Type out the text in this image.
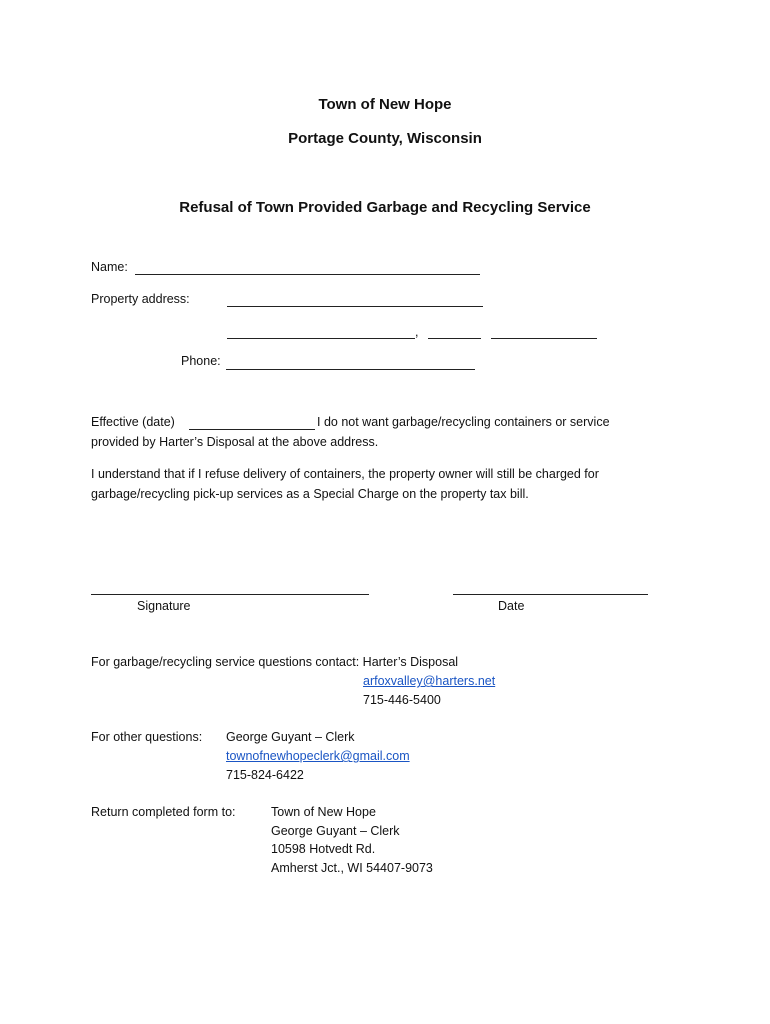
Town of New Hope
Portage County, Wisconsin
Refusal of Town Provided Garbage and Recycling Service
Name:
Property address:
,
Phone:
Effective (date)	I do not want garbage/recycling containers or service
provided by Harter’s Disposal at the above address.
I understand that if I refuse delivery of containers, the property owner will still be charged for garbage/recycling pick-up services as a Special Charge on the property tax bill.
Signature	Date
For garbage/recycling service questions contact: Harter’s Disposal
arfoxvalley@harters.net
715-446-5400
For other questions: George Guyant – Clerk
townofnewhopeclerk@gmail.com
715-824-6422
Return completed form to:	Town of New Hope
George Guyant – Clerk
10598 Hotvedt Rd.
Amherst Jct., WI 54407-9073
